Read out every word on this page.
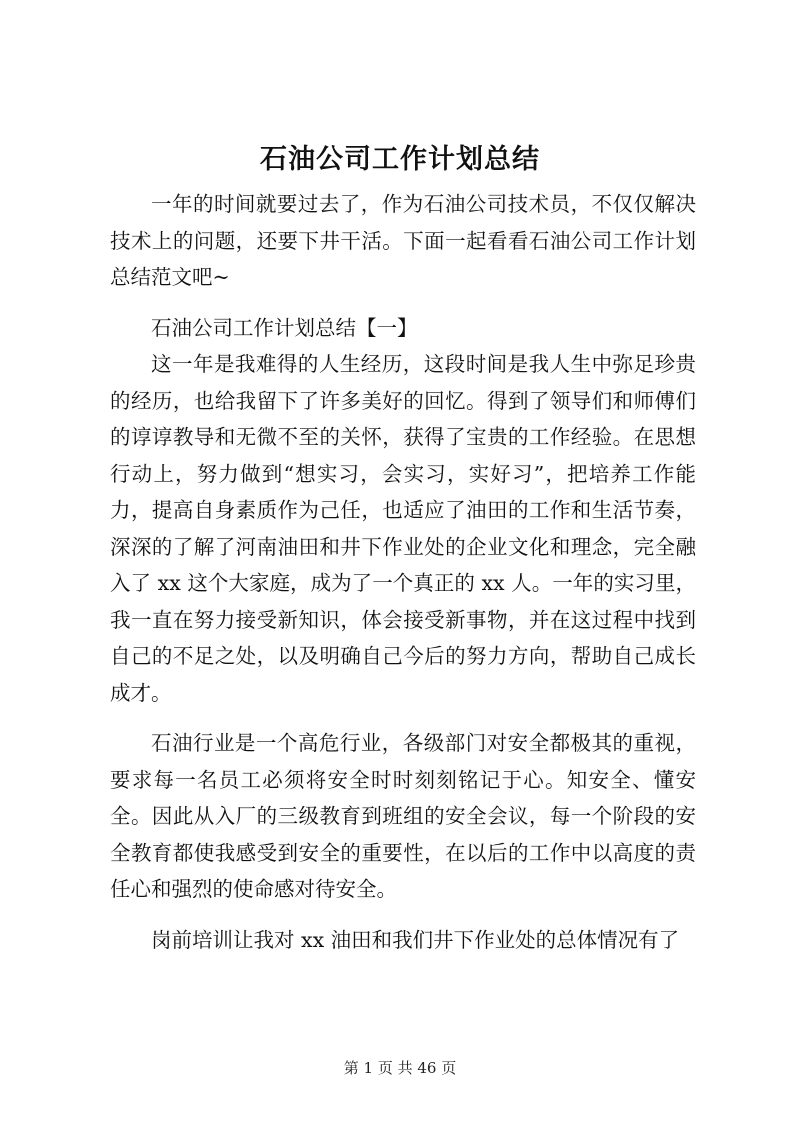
石油公司工作计划总结

一年的时间就要过去了，作为石油公司技术员，不仅仅解决技术上的问题，还要下井干活。下面一起看看石油公司工作计划总结范文吧~

石油公司工作计划总结【一】

这一年是我难得的人生经历，这段时间是我人生中弥足珍贵的经历，也给我留下了许多美好的回忆。得到了领导们和师傅们的谆谆教导和无微不至的关怀，获得了宝贵的工作经验。在思想行动上，努力做到“想实习，会实习，实好习”，把培养工作能力，提高自身素质作为己任，也适应了油田的工作和生活节奏，深深的了解了河南油田和井下作业处的企业文化和理念，完全融入了 xx 这个大家庭，成为了一个真正的 xx 人。一年的实习里，我一直在努力接受新知识，体会接受新事物，并在这过程中找到自己的不足之处，以及明确自己今后的努力方向，帮助自己成长成才。

石油行业是一个高危行业，各级部门对安全都极其的重视，要求每一名员工必须将安全时时刻刻铭记于心。知安全、懂安全。因此从入厂的三级教育到班组的安全会议，每一个阶段的安全教育都使我感受到安全的重要性，在以后的工作中以高度的责任心和强烈的使命感对待安全。

岗前培训让我对 xx 油田和我们井下作业处的总体情况有了

第 1 页 共 46 页
